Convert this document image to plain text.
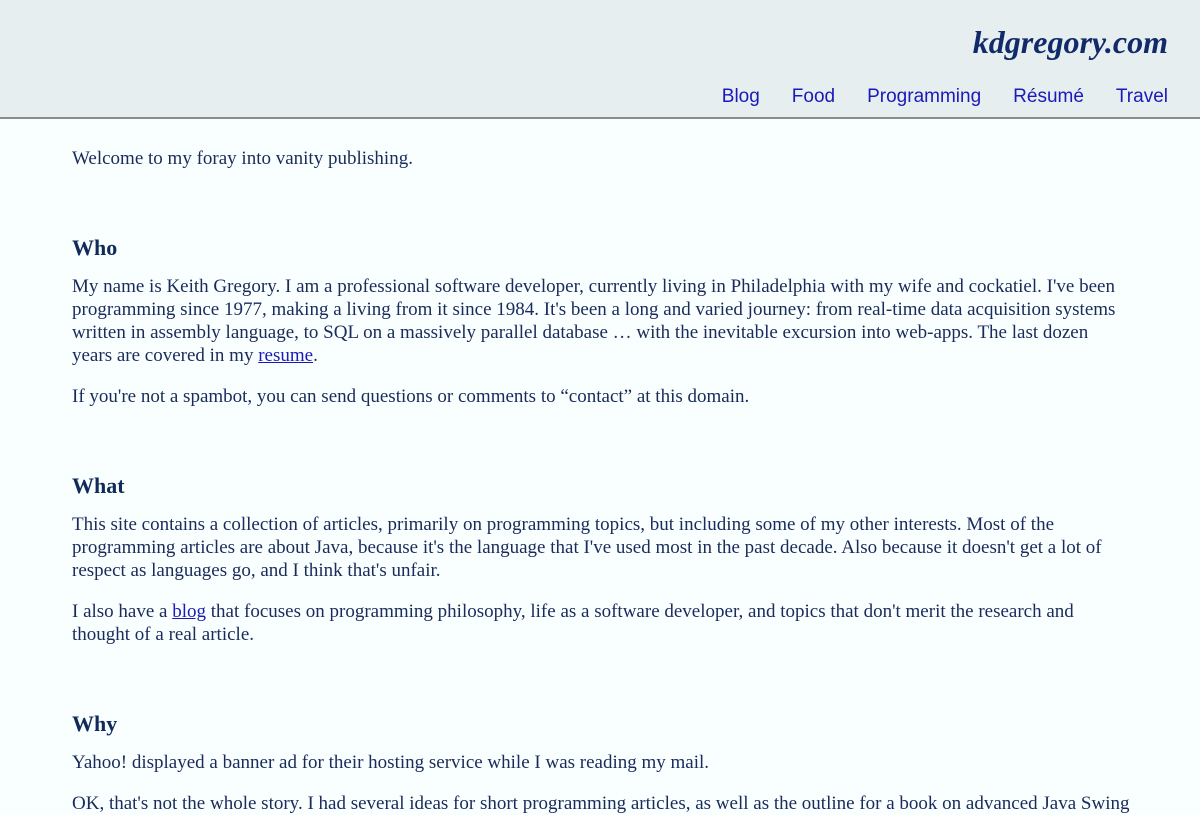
kdgregory.com
Blog Food Programming Résumé Travel

Welcome to my foray into vanity publishing.

Who

My name is Keith Gregory. I am a professional software developer, currently living in Philadelphia with my wife and cockatiel. I've been programming since 1977, making a living from it since 1984. It's been a long and varied journey: from real-time data acquisition systems written in assembly language, to SQL on a massively parallel database … with the inevitable excursion into web-apps. The last dozen years are covered in my resume.

If you're not a spambot, you can send questions or comments to “contact” at this domain.

What

This site contains a collection of articles, primarily on programming topics, but including some of my other interests. Most of the programming articles are about Java, because it's the language that I've used most in the past decade. Also because it doesn't get a lot of respect as languages go, and I think that's unfair.

I also have a blog that focuses on programming philosophy, life as a software developer, and topics that don't merit the research and thought of a real article.

Why

Yahoo! displayed a banner ad for their hosting service while I was reading my mail.

OK, that's not the whole story. I had several ideas for short programming articles, as well as the outline for a book on advanced Java Swing
